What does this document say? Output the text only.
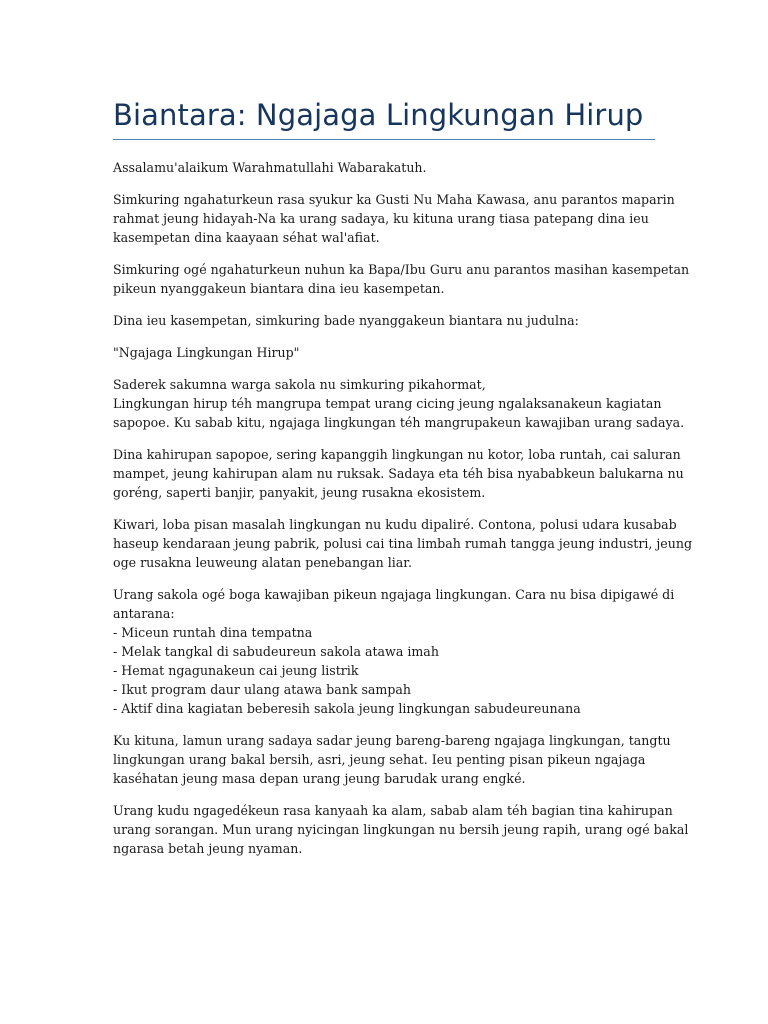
Biantara: Ngajaga Lingkungan Hirup

Assalamu'alaikum Warahmatullahi Wabarakatuh.

Simkuring ngahaturkeun rasa syukur ka Gusti Nu Maha Kawasa, anu parantos maparin
rahmat jeung hidayah-Na ka urang sadaya, ku kituna urang tiasa patepang dina ieu
kasempetan dina kaayaan séhat wal'afiat.

Simkuring ogé ngahaturkeun nuhun ka Bapa/Ibu Guru anu parantos masihan kasempetan
pikeun nyanggakeun biantara dina ieu kasempetan.

Dina ieu kasempetan, simkuring bade nyanggakeun biantara nu judulna:

"Ngajaga Lingkungan Hirup"

Saderek sakumna warga sakola nu simkuring pikahormat,
Lingkungan hirup téh mangrupa tempat urang cicing jeung ngalaksanakeun kagiatan
sapopoe. Ku sabab kitu, ngajaga lingkungan téh mangrupakeun kawajiban urang sadaya.

Dina kahirupan sapopoe, sering kapanggih lingkungan nu kotor, loba runtah, cai saluran
mampet, jeung kahirupan alam nu ruksak. Sadaya eta téh bisa nyababkeun balukarna nu
goréng, saperti banjir, panyakit, jeung rusakna ekosistem.

Kiwari, loba pisan masalah lingkungan nu kudu dipaliré. Contona, polusi udara kusabab
haseup kendaraan jeung pabrik, polusi cai tina limbah rumah tangga jeung industri, jeung
oge rusakna leuweung alatan penebangan liar.

Urang sakola ogé boga kawajiban pikeun ngajaga lingkungan. Cara nu bisa dipigawé di
antarana:
- Miceun runtah dina tempatna
- Melak tangkal di sabudeureun sakola atawa imah
- Hemat ngagunakeun cai jeung listrik
- Ikut program daur ulang atawa bank sampah
- Aktif dina kagiatan beberesih sakola jeung lingkungan sabudeureunana

Ku kituna, lamun urang sadaya sadar jeung bareng-bareng ngajaga lingkungan, tangtu
lingkungan urang bakal bersih, asri, jeung sehat. Ieu penting pisan pikeun ngajaga
kaséhatan jeung masa depan urang jeung barudak urang engké.

Urang kudu ngagedékeun rasa kanyaah ka alam, sabab alam téh bagian tina kahirupan
urang sorangan. Mun urang nyicingan lingkungan nu bersih jeung rapih, urang ogé bakal
ngarasa betah jeung nyaman.
